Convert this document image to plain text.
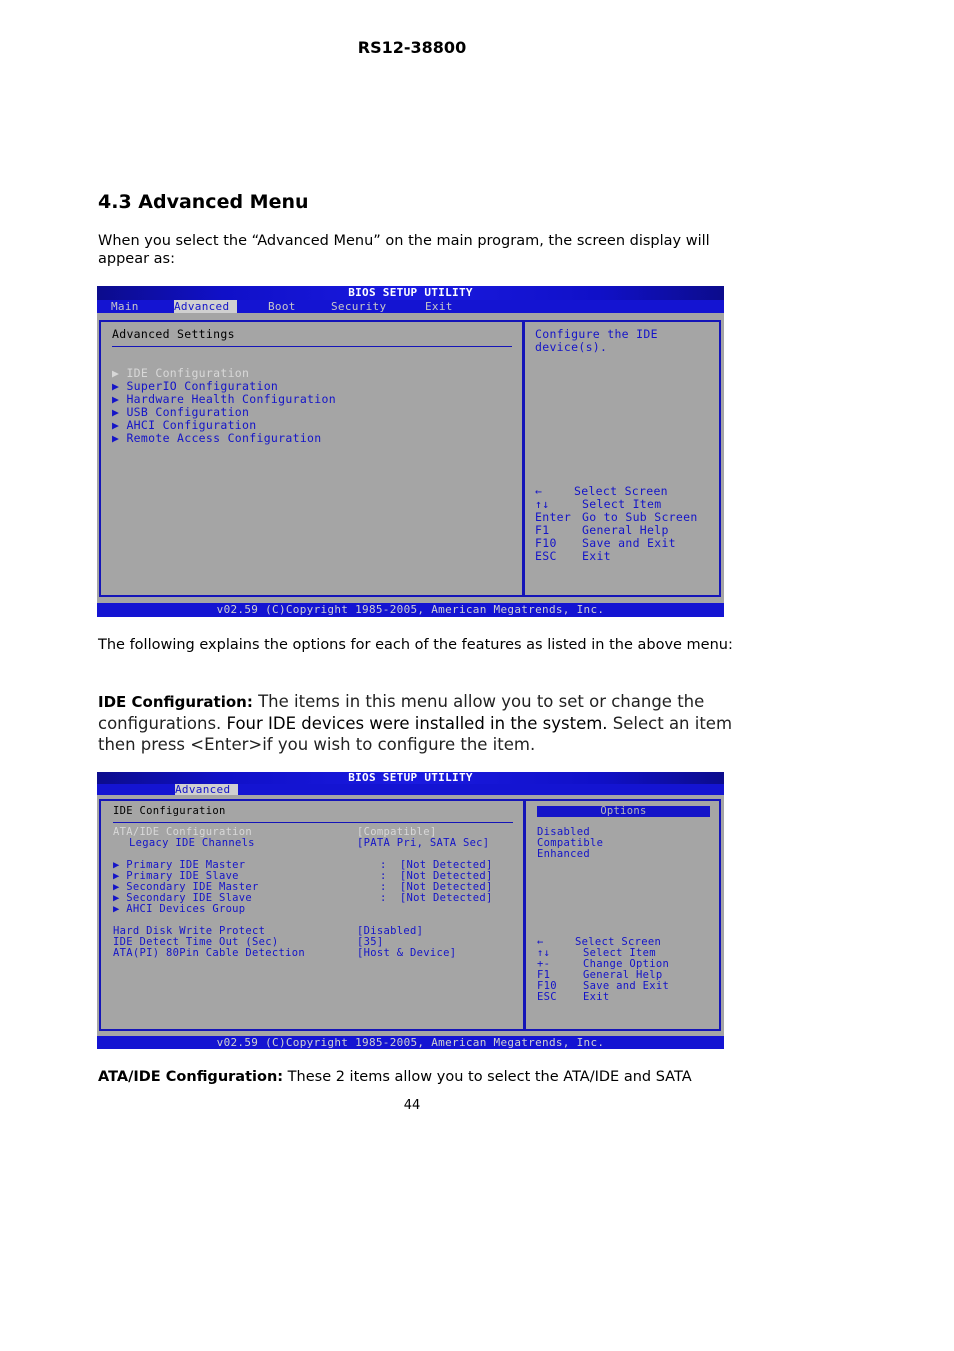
RS12-38800
4.3 Advanced Menu
When you select the “Advanced Menu” on the main program, the screen display will appear as:
BIOS SETUP UTILITY
Main	Advanced	Boot	Security	Exit
Advanced Settings
▶ IDE Configuration
▶ SuperIO Configuration
▶ Hardware Health Configuration
▶ USB Configuration
▶ AHCI Configuration
▶ Remote Access Configuration
Configure the IDE
device(s).
←	Select Screen
↑↓	Select Item
Enter Go to Sub Screen
F1	General Help
F10 Save and Exit
ESC Exit
v02.59 (C)Copyright 1985-2005, American Megatrends, Inc.
The following explains the options for each of the features as listed in the above menu:
IDE Configuration: The items in this menu allow you to set or change the configurations. Four IDE devices were installed in the system. Select an item then press <Enter>if you wish to configure the item.
BIOS SETUP UTILITY
Advanced
IDE Configuration
ATA/IDE Configuration	[Compatible]
Legacy IDE Channels	[PATA Pri, SATA Sec]
▶ Primary IDE Master	:  [Not Detected]
▶ Primary IDE Slave	:  [Not Detected]
▶ Secondary IDE Master	:  [Not Detected]
▶ Secondary IDE Slave	:  [Not Detected]
▶ AHCI Devices Group
Hard Disk Write Protect	[Disabled]
IDE Detect Time Out (Sec)	[35]
ATA(PI) 80Pin Cable Detection	[Host & Device]
Options
Disabled
Compatible
Enhanced
←	Select Screen
↑↓	Select Item
+-	Change Option
F1	General Help
F10 Save and Exit
ESC Exit
v02.59 (C)Copyright 1985-2005, American Megatrends, Inc.
ATA/IDE Configuration: These 2 items allow you to select the ATA/IDE and SATA
44
